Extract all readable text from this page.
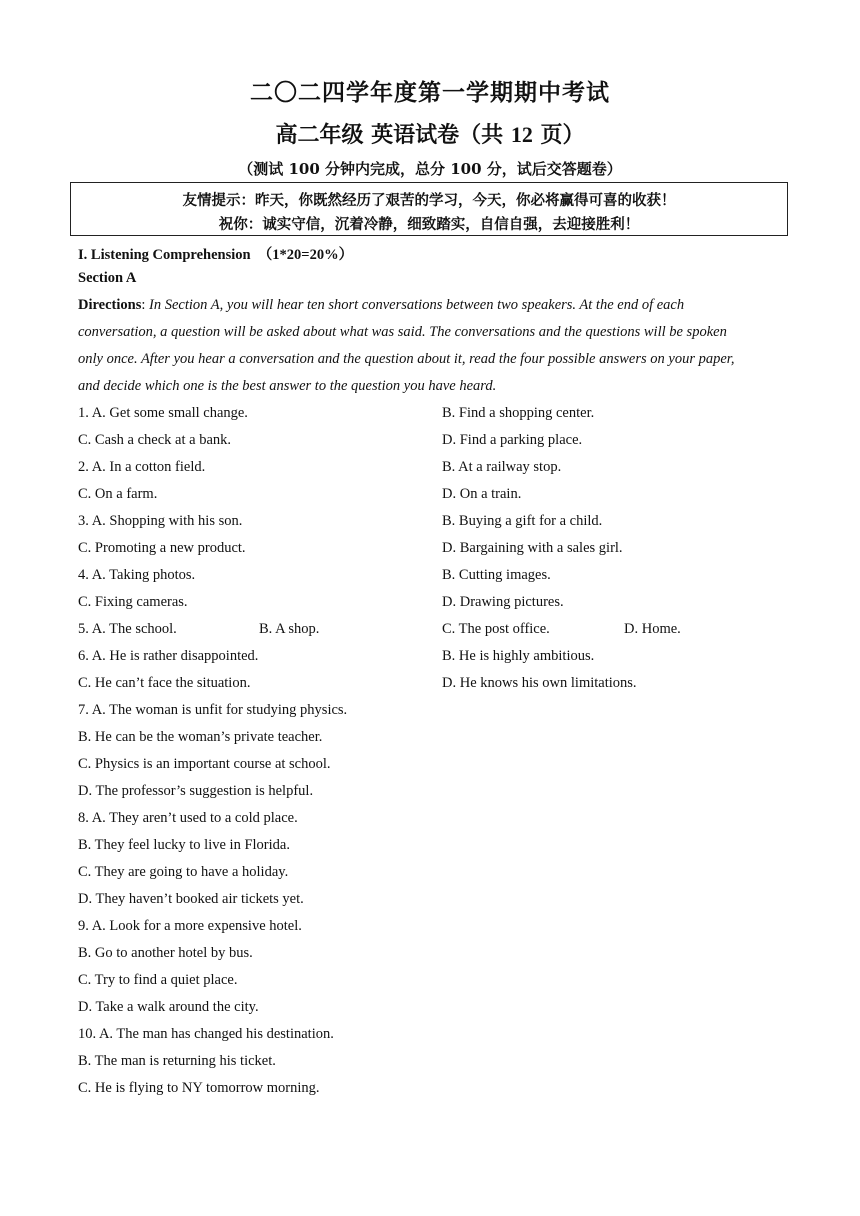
二〇二四学年度第一学期期中考试
高二年级 英语试卷（共 12 页）
（测试 100 分钟内完成，总分 100 分，试后交答题卷）
友情提示：昨天，你既然经历了艰苦的学习，今天，你必将赢得可喜的收获！
祝你：诚实守信，沉着冷静，细致踏实，自信自强，去迎接胜利！
I. Listening Comprehension　（1*20=20%）
Section A
Directions: In Section A, you will hear ten short conversations between two speakers. At the end of each
conversation, a question will be asked about what was said. The conversations and the questions will be spoken
only once. After you hear a conversation and the question about it, read the four possible answers on your paper,
and decide which one is the best answer to the question you have heard.
1. A. Get some small change.	B. Find a shopping center.
C. Cash a check at a bank.	D. Find a parking place.
2. A. In a cotton field.	B. At a railway stop.
C. On a farm.	D. On a train.
3. A. Shopping with his son.	B. Buying a gift for a child.
C. Promoting a new product.	D. Bargaining with a sales girl.
4. A. Taking photos.	B. Cutting images.
C. Fixing cameras.	D. Drawing pictures.
5. A. The school.	B. A shop.	C. The post office.	D. Home.
6. A. He is rather disappointed.	B. He is highly ambitious.
C. He can’t face the situation.	D. He knows his own limitations.
7. A. The woman is unfit for studying physics.
B. He can be the woman’s private teacher.
C. Physics is an important course at school.
D. The professor’s suggestion is helpful.
8. A. They aren’t used to a cold place.
B. They feel lucky to live in Florida.
C. They are going to have a holiday.
D. They haven’t booked air tickets yet.
9. A. Look for a more expensive hotel.
B. Go to another hotel by bus.
C. Try to find a quiet place.
D. Take a walk around the city.
10. A. The man has changed his destination.
B. The man is returning his ticket.
C. He is flying to NY tomorrow morning.
